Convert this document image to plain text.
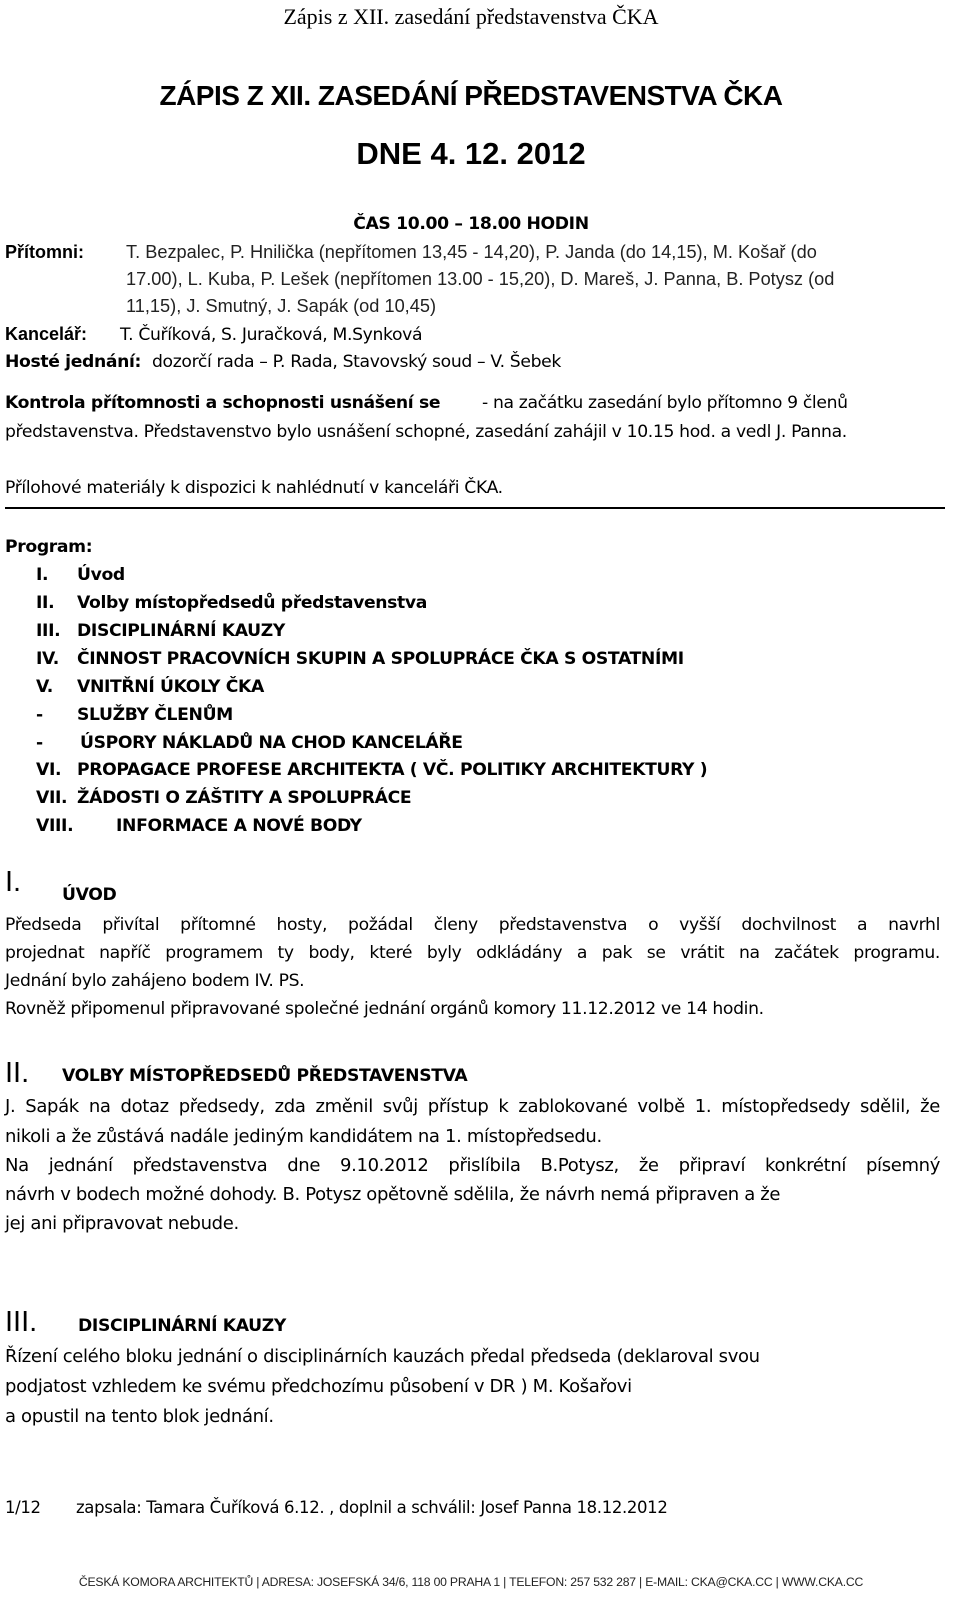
Zápis z XII. zasedání představenstva ČKA
ZÁPIS Z XII. ZASEDÁNÍ PŘEDSTAVENSTVA ČKA
DNE 4. 12. 2012
ČAS 10.00 – 18.00 HODIN
Přítomni: T. Bezpalec, P. Hnilička (nepřítomen 13,45 - 14,20), P. Janda (do 14,15), M. Košař (do
17.00), L. Kuba, P. Lešek (nepřítomen 13.00 - 15,20), D. Mareš, J. Panna, B. Potysz (od
11,15), J. Smutný, J. Sapák (od 10,45)
Kancelář: T. Čuříková, S. Juračková, M.Synková
Hosté jednání: dozorčí rada – P. Rada, Stavovský soud – V. Šebek
Kontrola přítomnosti a schopnosti usnášení se - na začátku zasedání bylo přítomno 9 členů
představenstva. Představenstvo bylo usnášení schopné, zasedání zahájil v 10.15 hod. a vedl J. Panna.
Přílohové materiály k dispozici k nahlédnutí v kanceláři ČKA.
Program:
I. Úvod
II. Volby místopředsedů představenstva
III. DISCIPLINÁRNÍ KAUZY
IV. ČINNOST PRACOVNÍCH SKUPIN A SPOLUPRÁCE ČKA S OSTATNÍMI
V. VNITŘNÍ ÚKOLY ČKA
- SLUŽBY ČLENŮM
- ÚSPORY NÁKLADŮ NA CHOD KANCELÁŘE
VI. PROPAGACE PROFESE ARCHITEKTA ( VČ. POLITIKY ARCHITEKTURY )
VII. ŽÁDOSTI O ZÁŠTITY A SPOLUPRÁCE
VIII. INFORMACE A NOVÉ BODY
I. ÚVOD
Předseda přivítal přítomné hosty, požádal členy představenstva o vyšší dochvilnost a navrhl
projednat napříč programem ty body, které byly odkládány a pak se vrátit na začátek programu.
Jednání bylo zahájeno bodem IV. PS.
Rovněž připomenul připravované společné jednání orgánů komory 11.12.2012 ve 14 hodin.
II. VOLBY MÍSTOPŘEDSEDŮ PŘEDSTAVENSTVA
J. Sapák na dotaz předsedy, zda změnil svůj přístup k zablokované volbě 1. místopředsedy sdělil, že
nikoli a že zůstává nadále jediným kandidátem na 1. místopředsedu.
Na jednání představenstva dne 9.10.2012 přislíbila B.Potysz, že připraví konkrétní písemný
návrh v bodech možné dohody. B. Potysz opětovně sdělila, že návrh nemá připraven a že
jej ani připravovat nebude.
III. DISCIPLINÁRNÍ KAUZY
Řízení celého bloku jednání o disciplinárních kauzách předal předseda (deklaroval svou
podjatost vzhledem ke svému předchozímu působení v DR ) M. Košařovi
a opustil na tento blok jednání.
1/12 zapsala: Tamara Čuříková 6.12. , doplnil a schválil: Josef Panna 18.12.2012
ČESKÁ KOMORA ARCHITEKTŮ | ADRESA: JOSEFSKÁ 34/6, 118 00 PRAHA 1 | TELEFON: 257 532 287 | E-MAIL: CKA@CKA.CC | WWW.CKA.CC
